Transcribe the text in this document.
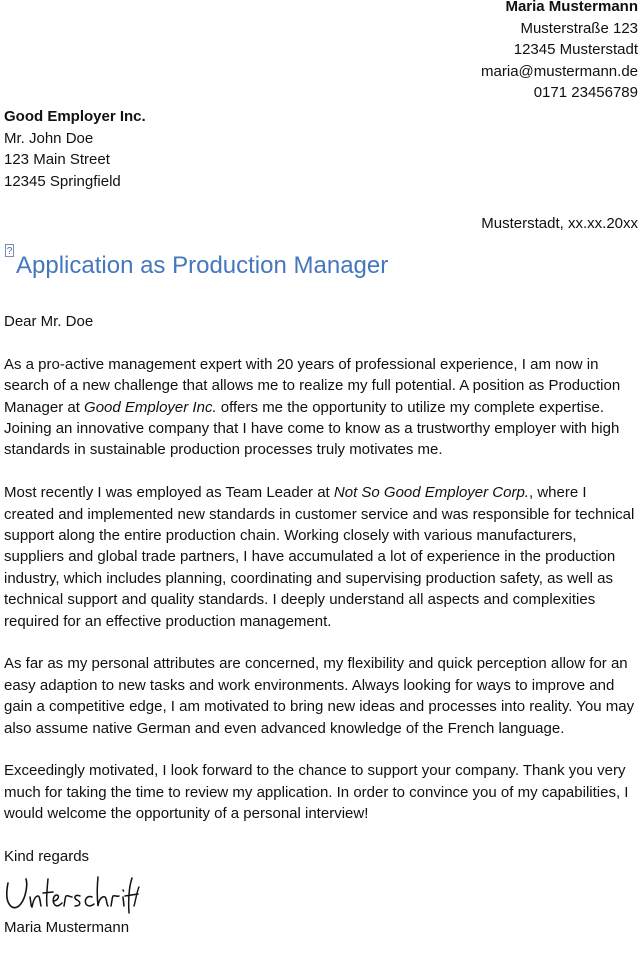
Maria Mustermann
Musterstraße 123
12345 Musterstadt
maria@mustermann.de
0171 23456789
Good Employer Inc.
Mr. John Doe
123 Main Street
12345 Springfield
Musterstadt, xx.xx.20xx
?
Application as Production Manager

Dear Mr. Doe

As a pro-active management expert with 20 years of professional experience, I am now in search of a new challenge that allows me to realize my full potential. A position as Production Manager at Good Employer Inc. offers me the opportunity to utilize my complete expertise. Joining an innovative company that I have come to know as a trustworthy employer with high standards in sustainable production processes truly motivates me.

Most recently I was employed as Team Leader at Not So Good Employer Corp., where I created and implemented new standards in customer service and was responsible for technical support along the entire production chain. Working closely with various manufacturers, suppliers and global trade partners, I have accumulated a lot of experience in the production industry, which includes planning, coordinating and supervising production safety, as well as technical support and quality standards. I deeply understand all aspects and complexities required for an effective production management.

As far as my personal attributes are concerned, my flexibility and quick perception allow for an easy adaption to new tasks and work environments. Always looking for ways to improve and gain a competitive edge, I am motivated to bring new ideas and processes into reality. You may also assume native German and even advanced knowledge of the French language.

Exceedingly motivated, I look forward to the chance to support your company. Thank you very much for taking the time to review my application. In order to convince you of my capabilities, I would welcome the opportunity of a personal interview!

Kind regards

Maria Mustermann
